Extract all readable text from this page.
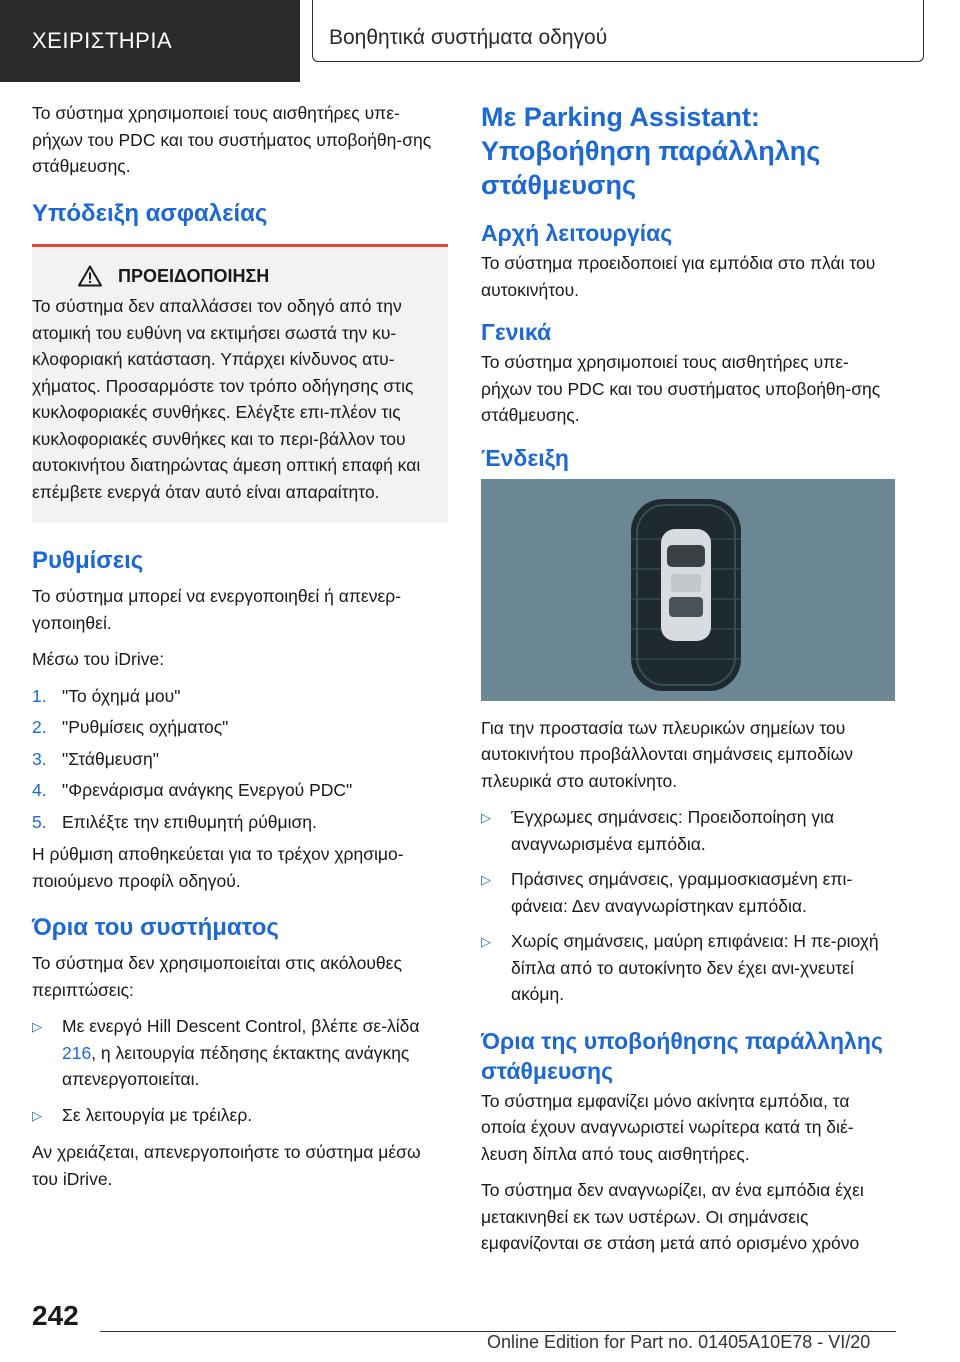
ΧΕΙΡΙΣΤΗΡΙΑ	Βοηθητικά συστήματα οδηγού

Το σύστημα χρησιμοποιεί τους αισθητήρες υπε‐ρήχων του PDC και του συστήματος υποβοήθη‐σης στάθμευσης.

Υπόδειξη ασφαλείας
ΠΡΟΕΙΔΟΠΟΙΗΣΗ
Το σύστημα δεν απαλλάσσει τον οδηγό από την ατομική του ευθύνη να εκτιμήσει σωστά την κυ‐κλοφοριακή κατάσταση. Υπάρχει κίνδυνος ατυ‐χήματος. Προσαρμόστε τον τρόπο οδήγησης στις κυκλοφοριακές συνθήκες. Ελέγξτε επι‐πλέον τις κυκλοφοριακές συνθήκες και το περι‐βάλλον του αυτοκινήτου διατηρώντας άμεση οπτική επαφή και επέμβετε ενεργά όταν αυτό είναι απαραίτητο.
Ρυθμίσεις

Το σύστημα μπορεί να ενεργοποιηθεί ή απενερ‐γοποιηθεί.

Μέσω του iDrive:

1. "Το όχημά μου"
2. "Ρυθμίσεις οχήματος"
3. "Στάθμευση"
4. "Φρενάρισμα ανάγκης Ενεργού PDC"
5. Επιλέξτε την επιθυμητή ρύθμιση.

Η ρύθμιση αποθηκεύεται για το τρέχον χρησιμο‐ποιούμενο προφίλ οδηγού.

Όρια του συστήματος

Το σύστημα δεν χρησιμοποιείται στις ακόλουθες περιπτώσεις:

▷	Με ενεργό Hill Descent Control, βλέπε σε‐λίδα 216, η λειτουργία πέδησης έκτακτης ανάγκης απενεργοποιείται.
▷	Σε λειτουργία με τρέιλερ.

Αν χρειάζεται, απενεργοποιήστε το σύστημα μέσω του iDrive.

Με Parking Assistant: Υποβοήθηση παράλληλης στάθμευσης
Αρχή λειτουργίας

Το σύστημα προειδοποιεί για εμπόδια στο πλάι του αυτοκινήτου.

Γενικά

Το σύστημα χρησιμοποιεί τους αισθητήρες υπε‐ρήχων του PDC και του συστήματος υποβοήθη‐σης στάθμευσης.

Ένδειξη

Για την προστασία των πλευρικών σημείων του αυτοκινήτου προβάλλονται σημάνσεις εμποδίων πλευρικά στο αυτοκίνητο.

▷	Έγχρωμες σημάνσεις: Προειδοποίηση για αναγνωρισμένα εμπόδια.
▷	Πράσινες σημάνσεις, γραμμοσκιασμένη επι‐φάνεια: Δεν αναγνωρίστηκαν εμπόδια.
▷	Χωρίς σημάνσεις, μαύρη επιφάνεια: Η πε‐ριοχή δίπλα από το αυτοκίνητο δεν έχει ανι‐χνευτεί ακόμη.
Όρια της υποβοήθησης παράλληλης στάθμευσης

Το σύστημα εμφανίζει μόνο ακίνητα εμπόδια, τα οποία έχουν αναγνωριστεί νωρίτερα κατά τη διέ‐λευση δίπλα από τους αισθητήρες.

Το σύστημα δεν αναγνωρίζει, αν ένα εμπόδια έχει μετακινηθεί εκ των υστέρων. Οι σημάνσεις εμφανίζονται σε στάση μετά από ορισμένο χρόνο

242
Online Edition for Part no. 01405A10E78 - VI/20
